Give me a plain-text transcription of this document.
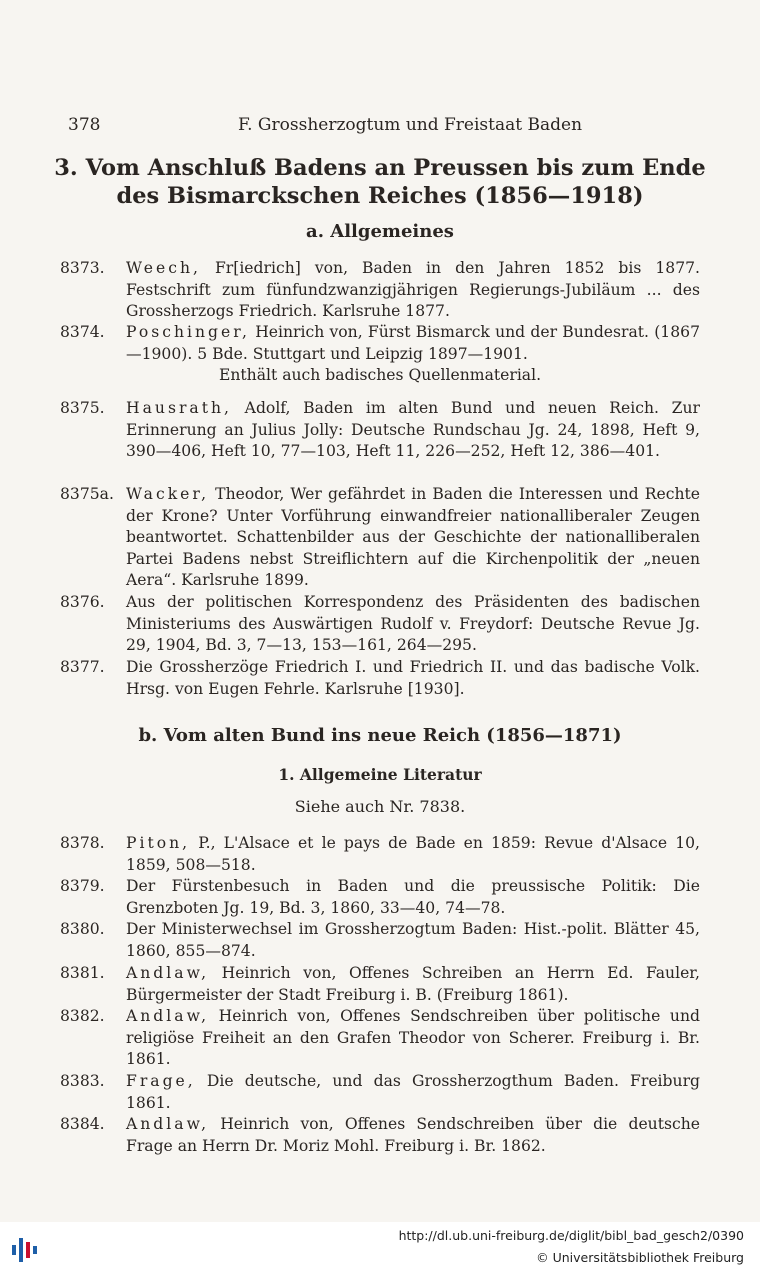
378	F. Grossherzogtum und Freistaat Baden
3. Vom Anschluß Badens an Preussen bis zum Ende
des Bismarckschen Reiches (1856—1918)
a. Allgemeines
8373.	Weech, Fr[iedrich] von, Baden in den Jahren 1852 bis 1877. Festschrift zum fünfundzwanzigjährigen Regierungs-Jubiläum ... des Grossherzogs Friedrich. Karlsruhe 1877.
8374.	Poschinger, Heinrich von, Fürst Bismarck und der Bundesrat. (1867—1900). 5 Bde. Stuttgart und Leipzig 1897—1901.
Enthält auch badisches Quellenmaterial.
8375.	Hausrath, Adolf, Baden im alten Bund und neuen Reich. Zur Erinnerung an Julius Jolly: Deutsche Rundschau Jg. 24, 1898, Heft 9, 390—406, Heft 10, 77—103, Heft 11, 226—252, Heft 12, 386—401.
8375a. Wacker, Theodor, Wer gefährdet in Baden die Interessen und Rechte der Krone? Unter Vorführung einwandfreier nationalliberaler Zeugen beantwortet. Schattenbilder aus der Geschichte der nationalliberalen Partei Badens nebst Streiflichtern auf die Kirchenpolitik der „neuen Aera“. Karlsruhe 1899.
8376.	Aus der politischen Korrespondenz des Präsidenten des badischen Ministeriums des Auswärtigen Rudolf v. Freydorf: Deutsche Revue Jg. 29, 1904, Bd. 3, 7—13, 153—161, 264—295.
8377.	Die Grossherzöge Friedrich I. und Friedrich II. und das badische Volk. Hrsg. von Eugen Fehrle. Karlsruhe [1930].
b. Vom alten Bund ins neue Reich (1856—1871)
1. Allgemeine Literatur
Siehe auch Nr. 7838.
8378.	Piton, P., L'Alsace et le pays de Bade en 1859: Revue d'Alsace 10, 1859, 508—518.
8379.	Der Fürstenbesuch in Baden und die preussische Politik: Die Grenzboten Jg. 19, Bd. 3, 1860, 33—40, 74—78.
8380.	Der Ministerwechsel im Grossherzogtum Baden: Hist.-polit. Blätter 45, 1860, 855—874.
8381.	Andlaw, Heinrich von, Offenes Schreiben an Herrn Ed. Fauler, Bürgermeister der Stadt Freiburg i. B. (Freiburg 1861).
8382.	Andlaw, Heinrich von, Offenes Sendschreiben über politische und religiöse Freiheit an den Grafen Theodor von Scherer. Freiburg i. Br. 1861.
8383.	Frage, Die deutsche, und das Grossherzogthum Baden. Freiburg 1861.
8384.	Andlaw, Heinrich von, Offenes Sendschreiben über die deutsche Frage an Herrn Dr. Moriz Mohl. Freiburg i. Br. 1862.
http://dl.ub.uni-freiburg.de/diglit/bibl_bad_gesch2/0390
© Universitätsbibliothek Freiburg
